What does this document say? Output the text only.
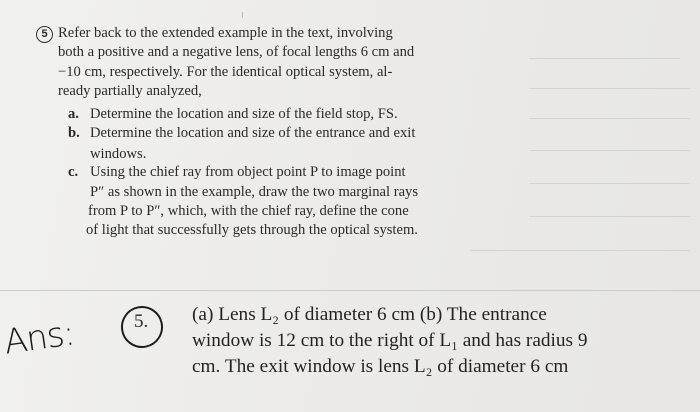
5 Refer back to the extended example in the text, involving
both a positive and a negative lens, of focal lengths 6 cm and
−10 cm, respectively. For the identical optical system, al-
ready partially analyzed,
a. Determine the location and size of the field stop, FS.
b. Determine the location and size of the entrance and exit
windows.
c. Using the chief ray from object point P to image point
P″ as shown in the example, draw the two marginal rays
from P to P″, which, with the chief ray, define the cone
of light that successfully gets through the optical system.
Ans:	5.	(a) Lens L₂ of diameter 6 cm (b) The entrance
window is 12 cm to the right of L₁ and has radius 9
cm. The exit window is lens L₂ of diameter 6 cm
